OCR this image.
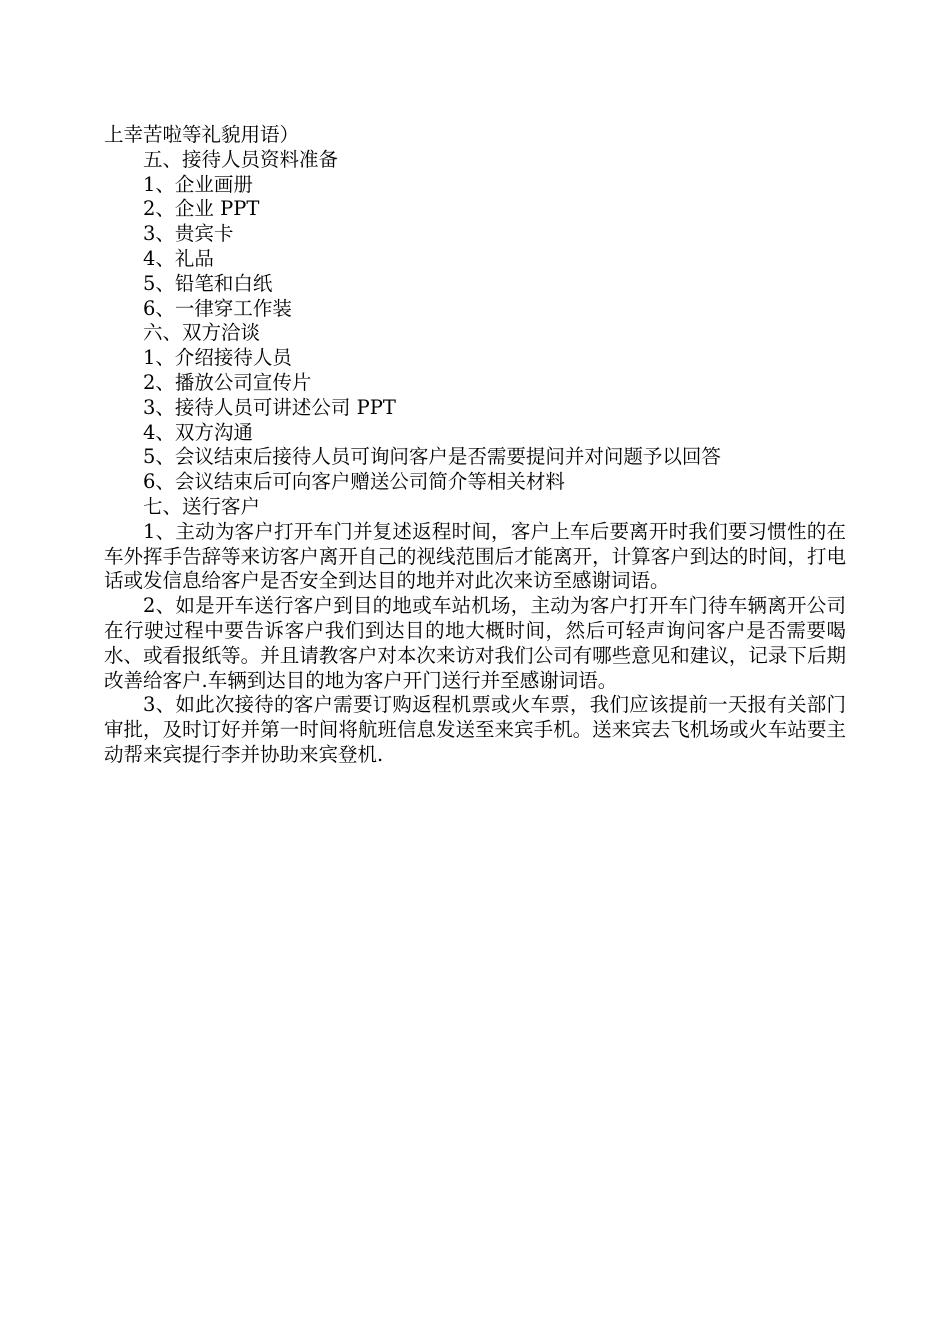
上幸苦啦等礼貌用语）

五、接待人员资料准备

1、企业画册

2、企业 PPT

3、贵宾卡

4、礼品

5、铅笔和白纸

6、一律穿工作装

六、双方洽谈

1、介绍接待人员

2、播放公司宣传片

3、接待人员可讲述公司 PPT

4、双方沟通

5、会议结束后接待人员可询问客户是否需要提问并对问题予以回答

6、会议结束后可向客户赠送公司简介等相关材料

七、送行客户

1、主动为客户打开车门并复述返程时间，客户上车后要离开时我们要习惯性的在车外挥手告辞等来访客户离开自己的视线范围后才能离开，计算客户到达的时间，打电话或发信息给客户是否安全到达目的地并对此次来访至感谢词语。

2、如是开车送行客户到目的地或车站机场，主动为客户打开车门待车辆离开公司在行驶过程中要告诉客户我们到达目的地大概时间，然后可轻声询问客户是否需要喝水、或看报纸等。并且请教客户对本次来访对我们公司有哪些意见和建议，记录下后期改善给客户.车辆到达目的地为客户开门送行并至感谢词语。

3、如此次接待的客户需要订购返程机票或火车票，我们应该提前一天报有关部门审批，及时订好并第一时间将航班信息发送至来宾手机。送来宾去飞机场或火车站要主动帮来宾提行李并协助来宾登机.
